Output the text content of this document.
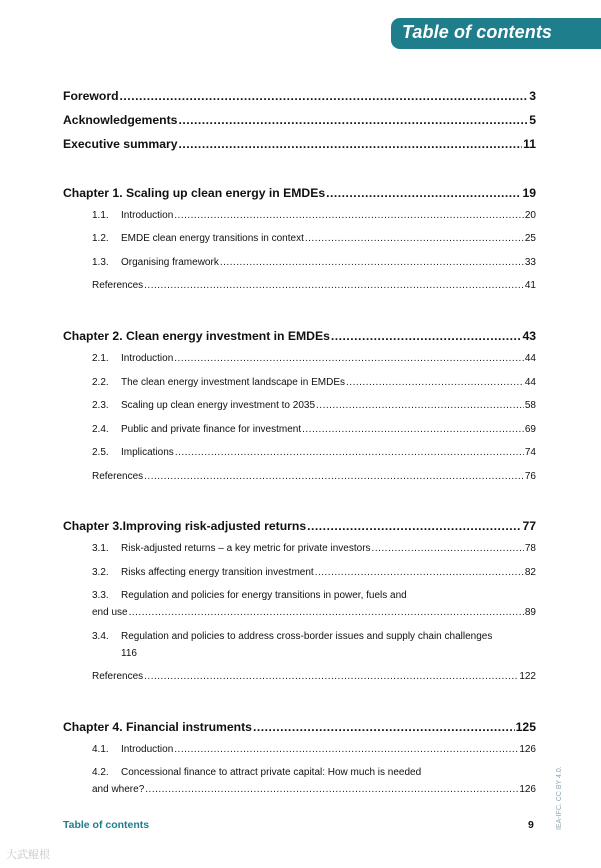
Table of contents
Foreword .....	3
Acknowledgements .....	5
Executive summary .....	11
Chapter 1. Scaling up clean energy in EMDEs .....	19
1.1. Introduction .....	20
1.2. EMDE clean energy transitions in context .....	25
1.3. Organising framework .....	33
References .....	41
Chapter 2. Clean energy investment in EMDEs .....	43
2.1. Introduction .....	44
2.2. The clean energy investment landscape in EMDEs .....	44
2.3. Scaling up clean energy investment to 2035 .....	58
2.4. Public and private finance for investment .....	69
2.5. Implications .....	74
References .....	76
Chapter 3.Improving risk-adjusted returns .....	77
3.1. Risk-adjusted returns – a key metric for private investors .....	78
3.2. Risks affecting energy transition investment .....	82
3.3. Regulation and policies for energy transitions in power, fuels and
end use .....	89
3.4. Regulation and policies to address cross-border issues and supply chain challenges
116
References .....	122
Chapter 4. Financial instruments .....	125
4.1. Introduction .....	126
4.2. Concessional finance to attract private capital: How much is needed
and where? .....	126
Table of contents	9	IEA-IFC. CC BY 4.0.
大武鲲根
